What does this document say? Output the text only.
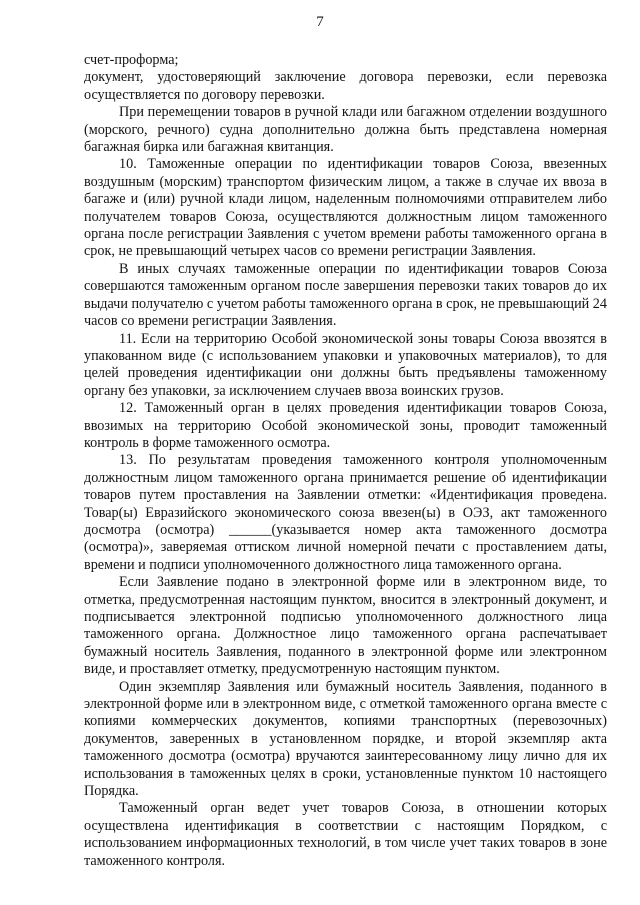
7

счет-проформа;

документ, удостоверяющий заключение договора перевозки, если перевозка осуществляется по договору перевозки.

При перемещении товаров в ручной клади или багажном отделении воздушного (морского, речного) судна дополнительно должна быть представлена номерная багажная бирка или багажная квитанция.

10. Таможенные операции по идентификации товаров Союза, ввезенных воздушным (морским) транспортом физическим лицом, а также в случае их ввоза в багаже и (или) ручной клади лицом, наделенным полномочиями отправителем либо получателем товаров Союза, осуществляются должностным лицом таможенного органа после регистрации Заявления с учетом времени работы таможенного органа в срок, не превышающий четырех часов со времени регистрации Заявления.

В иных случаях таможенные операции по идентификации товаров Союза совершаются таможенным органом после завершения перевозки таких товаров до их выдачи получателю с учетом работы таможенного органа в срок, не превышающий 24 часов со времени регистрации Заявления.

11. Если на территорию Особой экономической зоны товары Союза ввозятся в упакованном виде (с использованием упаковки и упаковочных материалов), то для целей проведения идентификации они должны быть предъявлены таможенному органу без упаковки, за исключением случаев ввоза воинских грузов.

12. Таможенный орган в целях проведения идентификации товаров Союза, ввозимых на территорию Особой экономической зоны, проводит таможенный контроль в форме таможенного осмотра.

13. По результатам проведения таможенного контроля уполномоченным должностным лицом таможенного органа принимается решение об идентификации товаров путем проставления на Заявлении отметки: «Идентификация проведена. Товар(ы) Евразийского экономического союза ввезен(ы) в ОЭЗ, акт таможенного досмотра (осмотра) ______(указывается номер акта таможенного досмотра (осмотра)», заверяемая оттиском личной номерной печати с проставлением даты, времени и подписи уполномоченного должностного лица таможенного органа.

Если Заявление подано в электронной форме или в электронном виде, то отметка, предусмотренная настоящим пунктом, вносится в электронный документ, и подписывается электронной подписью уполномоченного должностного лица таможенного органа. Должностное лицо таможенного органа распечатывает бумажный носитель Заявления, поданного в электронной форме или электронном виде, и проставляет отметку, предусмотренную настоящим пунктом.

Один экземпляр Заявления или бумажный носитель Заявления, поданного в электронной форме или в электронном виде, с отметкой таможенного органа вместе с копиями коммерческих документов, копиями транспортных (перевозочных) документов, заверенных в установленном порядке, и второй экземпляр акта таможенного досмотра (осмотра) вручаются заинтересованному лицу лично для их использования в таможенных целях в сроки, установленные пунктом 10 настоящего Порядка.

Таможенный орган ведет учет товаров Союза, в отношении которых осуществлена идентификация в соответствии с настоящим Порядком, с использованием информационных технологий, в том числе учет таких товаров в зоне таможенного контроля.
